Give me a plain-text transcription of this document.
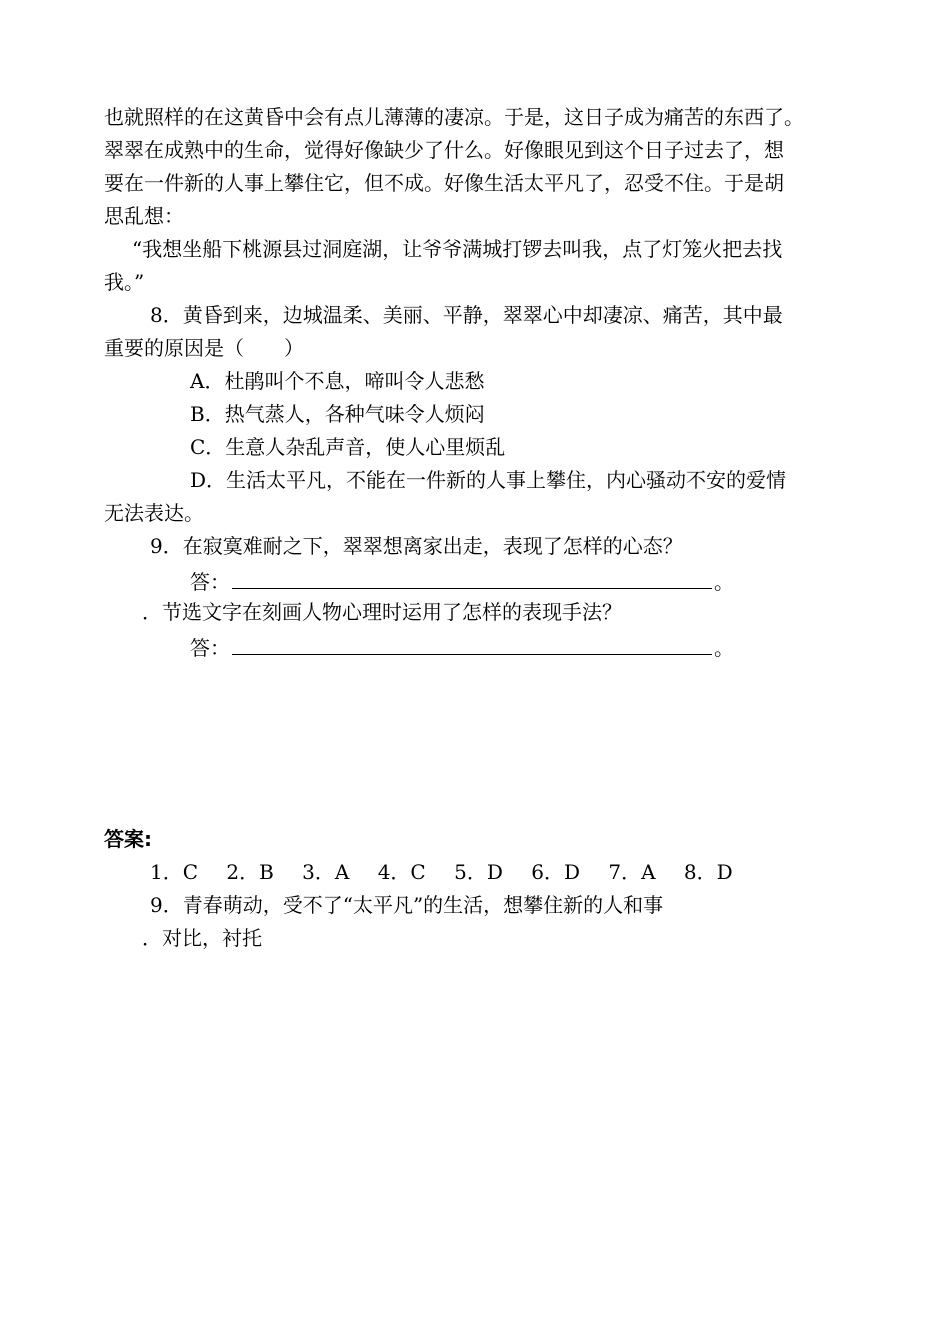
也就照样的在这黄昏中会有点儿薄薄的凄凉。于是，这日子成为痛苦的东西了。
翠翠在成熟中的生命，觉得好像缺少了什么。好像眼见到这个日子过去了，想
要在一件新的人事上攀住它，但不成。好像生活太平凡了，忍受不住。于是胡
思乱想：
“我想坐船下桃源县过洞庭湖，让爷爷满城打锣去叫我，点了灯笼火把去找
我。”
8．黄昏到来，边城温柔、美丽、平静，翠翠心中却凄凉、痛苦，其中最
重要的原因是（　　）
A．杜鹃叫个不息，啼叫令人悲愁
B．热气蒸人，各种气味令人烦闷
C．生意人杂乱声音，使人心里烦乱
D．生活太平凡，不能在一件新的人事上攀住，内心骚动不安的爱情
无法表达。
9．在寂寞难耐之下，翠翠想离家出走，表现了怎样的心态？
答：	。
．节选文字在刻画人物心理时运用了怎样的表现手法？
答：	。
答案:
1．C 2．B 3．A 4．C 5．D 6．D 7．A 8．D
9．青春萌动，受不了“太平凡”的生活，想攀住新的人和事
．对比，衬托
